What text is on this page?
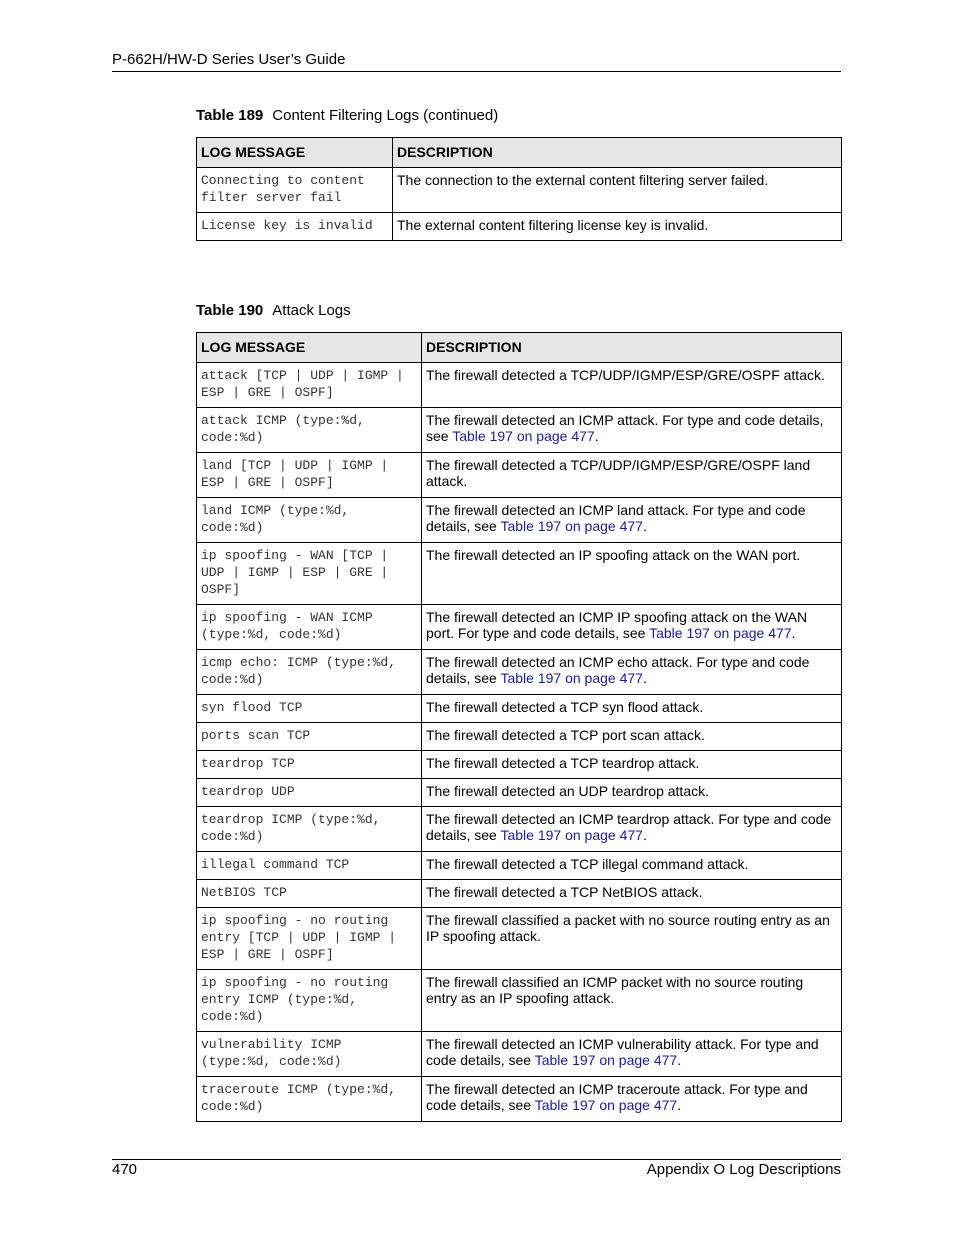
P-662H/HW-D Series User’s Guide
Table 189 Content Filtering Logs (continued)
LOG MESSAGE	DESCRIPTION
Connecting to content filter server fail	The connection to the external content filtering server failed.
License key is invalid	The external content filtering license key is invalid.
Table 190 Attack Logs
LOG MESSAGE	DESCRIPTION
attack [TCP | UDP | IGMP | ESP | GRE | OSPF]	The firewall detected a TCP/UDP/IGMP/ESP/GRE/OSPF attack.
attack ICMP (type:%d, code:%d)	The firewall detected an ICMP attack. For type and code details, see Table 197 on page 477.
land [TCP | UDP | IGMP | ESP | GRE | OSPF]	The firewall detected a TCP/UDP/IGMP/ESP/GRE/OSPF land attack.
land ICMP (type:%d, code:%d)	The firewall detected an ICMP land attack. For type and code details, see Table 197 on page 477.
ip spoofing - WAN [TCP | UDP | IGMP | ESP | GRE | OSPF]	The firewall detected an IP spoofing attack on the WAN port.
ip spoofing - WAN ICMP (type:%d, code:%d)	The firewall detected an ICMP IP spoofing attack on the WAN port. For type and code details, see Table 197 on page 477.
icmp echo: ICMP (type:%d, code:%d)	The firewall detected an ICMP echo attack. For type and code details, see Table 197 on page 477.
syn flood TCP	The firewall detected a TCP syn flood attack.
ports scan TCP	The firewall detected a TCP port scan attack.
teardrop TCP	The firewall detected a TCP teardrop attack.
teardrop UDP	The firewall detected an UDP teardrop attack.
teardrop ICMP (type:%d, code:%d)	The firewall detected an ICMP teardrop attack. For type and code details, see Table 197 on page 477.
illegal command TCP	The firewall detected a TCP illegal command attack.
NetBIOS TCP	The firewall detected a TCP NetBIOS attack.
ip spoofing - no routing entry [TCP | UDP | IGMP | ESP | GRE | OSPF]	The firewall classified a packet with no source routing entry as an IP spoofing attack.
ip spoofing - no routing entry ICMP (type:%d, code:%d)	The firewall classified an ICMP packet with no source routing entry as an IP spoofing attack.
vulnerability ICMP (type:%d, code:%d)	The firewall detected an ICMP vulnerability attack. For type and code details, see Table 197 on page 477.
traceroute ICMP (type:%d, code:%d)	The firewall detected an ICMP traceroute attack. For type and code details, see Table 197 on page 477.
470	Appendix O Log Descriptions
